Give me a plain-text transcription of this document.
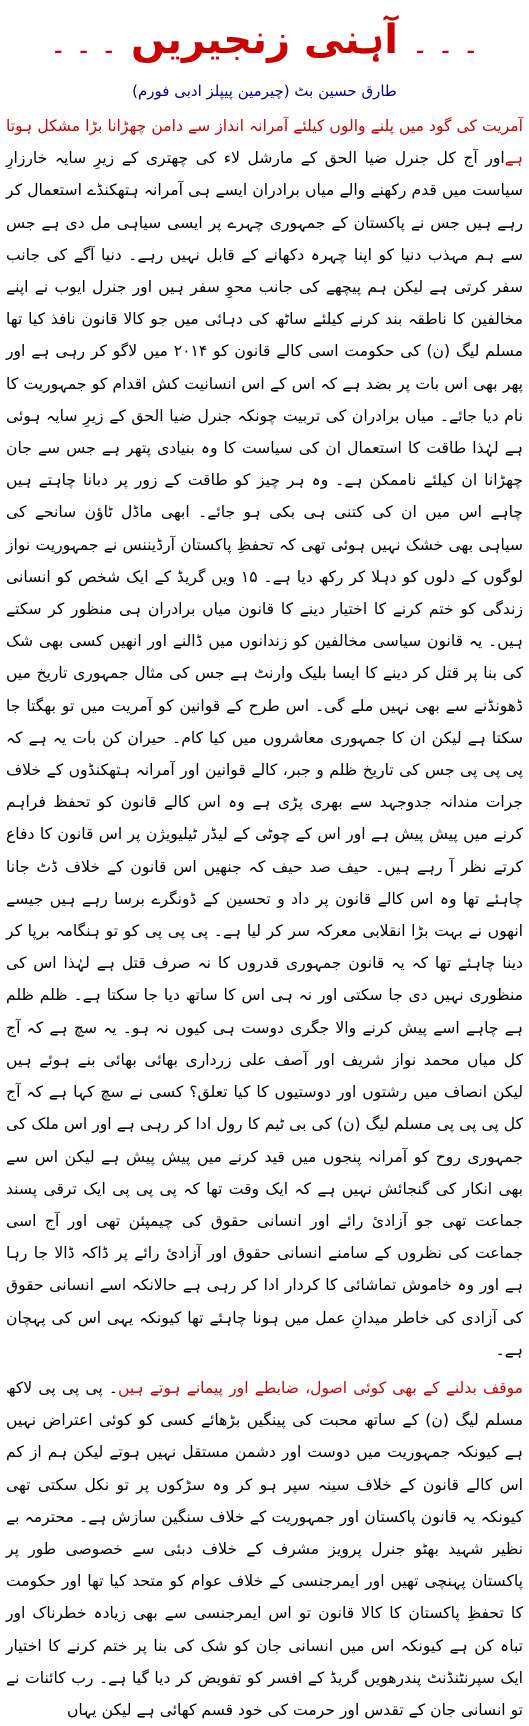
۔ ۔ ۔ آہنی زنجیریں ۔ ۔ ۔
طارق حسین بٹ (چیرمین پیپلز ادبی فورم)

آمریت کی گود میں پلنے والوں کیلئے آمرانہ انداز سے دامن چھڑانا بڑا مشکل ہوتا ہےاور آج کل جنرل ضیا الحق کے مارشل لاء کی چھتری کے زیرِ سایہ خارزارِ سیاست میں قدم رکھنے والے میاں برادران ایسے ہی آمرانہ ہتھکنڈے استعمال کر رہے ہیں جس نے پاکستان کے جمہوری چہرے پر ایسی سیاہی مل دی ہے جس سے ہم مہذب دنیا کو اپنا چہرہ دکھانے کے قابل نہیں رہے۔ دنیا آگے کی جانب سفر کرتی ہے لیکن ہم پیچھے کی جانب محوِ سفر ہیں اور جنرل ایوب نے اپنے مخالفین کا ناطقہ بند کرنے کیلئے ساٹھ کی دہائی میں جو کالا قانون نافذ کیا تھا مسلم لیگ (ن) کی حکومت اسی کالے قانون کو ۲۰۱۴ میں لاگو کر رہی ہے اور پھر بھی اس بات پر بضد ہے کہ اس کے اس انسانیت کش اقدام کو جمہوریت کا نام دیا جائے۔ میاں برادران کی تربیت چونکہ جنرل ضیا الحق کے زیرِ سایہ ہوئی ہے لہٰذا طاقت کا استعمال ان کی سیاست کا وہ بنیادی پتھر ہے جس سے جان چھڑانا ان کیلئے ناممکن ہے۔ وہ ہر چیز کو طاقت کے زور پر دبانا چاہتے ہیں چاہے اس میں ان کی کتنی ہی بکی ہو جائے۔ ابھی ماڈل ٹاؤن سانحے کی سیاہی بھی خشک نہیں ہوئی تھی کہ تحفظِ پاکستان آرڈیننس نے جمہوریت نواز لوگوں کے دلوں کو دہلا کر رکھ دیا ہے۔ ۱۵ ویں گریڈ کے ایک شخص کو انسانی زندگی کو ختم کرنے کا اختیار دینے کا قانون میاں برادران ہی منظور کر سکتے ہیں۔ یہ قانون سیاسی مخالفین کو زندانوں میں ڈالنے اور انھیں کسی بھی شک کی بنا پر قتل کر دینے کا ایسا بلیک وارنٹ ہے جس کی مثال جمہوری تاریخ میں ڈھونڈنے سے بھی نہیں ملے گی۔ اس طرح کے قوانین کو آمریت میں تو بھگتا جا سکتا ہے لیکن ان کا جمہوری معاشروں میں کیا کام۔ حیران کن بات یہ ہے کہ پی پی پی جس کی تاریخ ظلم و جبر، کالے قوانین اور آمرانہ ہتھکنڈوں کے خلاف جرات مندانہ جدوجہد سے بھری پڑی ہے وہ اس کالے قانون کو تحفظ فراہم کرنے میں پیش پیش ہے اور اس کے چوٹی کے لیڈر ٹیلیویژن پر اس قانون کا دفاع کرتے نظر آ رہے ہیں۔ حیف صد حیف کہ جنھیں اس قانون کے خلاف ڈٹ جانا چاہئے تھا وہ اس کالے قانون پر داد و تحسین کے ڈونگرے برسا رہے ہیں جیسے انھوں نے بہت بڑا انقلابی معرکہ سر کر لیا ہے۔ پی پی پی کو تو ہنگامہ برپا کر دینا چاہئے تھا کہ یہ قانون جمہوری قدروں کا نہ صرف قتل ہے لہٰذا اس کی منظوری نہیں دی جا سکتی اور نہ ہی اس کا ساتھ دیا جا سکتا ہے۔ ظلم ظلم ہے چاہے اسے پیش کرنے والا جگری دوست ہی کیوں نہ ہو۔ یہ سچ ہے کہ آج کل میاں محمد نواز شریف اور آصف علی زرداری بھائی بھائی بنے ہوئے ہیں لیکن انصاف میں رشتوں اور دوستیوں کا کیا تعلق؟ کسی نے سچ کہا ہے کہ آج کل پی پی پی مسلم لیگ (ن) کی بی ٹیم کا رول ادا کر رہی ہے اور اس ملک کی جمہوری روح کو آمرانہ پنجوں میں قید کرنے میں پیش پیش ہے لیکن اس سے بھی انکار کی گنجائش نہیں ہے کہ ایک وقت تھا کہ پی پی پی ایک ترقی پسند جماعت تھی جو آزادیٔ رائے اور انسانی حقوق کی چیمپئن تھی اور آج اسی جماعت کی نظروں کے سامنے انسانی حقوق اور آزادیٔ رائے پر ڈاکہ ڈالا جا رہا ہے اور وہ خاموش تماشائی کا کردار ادا کر رہی ہے حالانکہ اسے انسانی حقوق کی آزادی کی خاطر میدانِ عمل میں ہونا چاہئے تھا کیونکہ یہی اس کی پہچان ہے۔

موقف بدلنے کے بھی کوئی اصول، ضابطے اور پیمانے ہوتے ہیں۔ پی پی پی لاکھ مسلم لیگ (ن) کے ساتھ محبت کی پینگیں بڑھائے کسی کو کوئی اعتراض نہیں ہے کیونکہ جمہوریت میں دوست اور دشمن مستقل نہیں ہوتے لیکن ہم از کم اس کالے قانون کے خلاف سینہ سپر ہو کر وہ سڑکوں پر تو نکل سکتی تھی کیونکہ یہ قانون پاکستان اور جمہوریت کے خلاف سنگین سازش ہے۔ محترمہ بے نظیر شہید بھٹو جنرل پرویز مشرف کے خلاف دبئی سے خصوصی طور پر پاکستان پہنچی تھیں اور ایمرجنسی کے خلاف عوام کو متحد کیا تھا اور حکومت کا تحفظِ پاکستان کا کالا قانون تو اس ایمرجنسی سے بھی زیادہ خطرناک اور تباہ کن ہے کیونکہ اس میں انسانی جان کو شک کی بنا پر ختم کرنے کا اختیار ایک سپرنٹنڈنٹ پندرھویں گریڈ کے افسر کو تفویض کر دیا گیا ہے۔ رب کائنات نے تو انسانی جان کے تقدس اور حرمت کی خود قسم کھائی ہے لیکن یہاں
